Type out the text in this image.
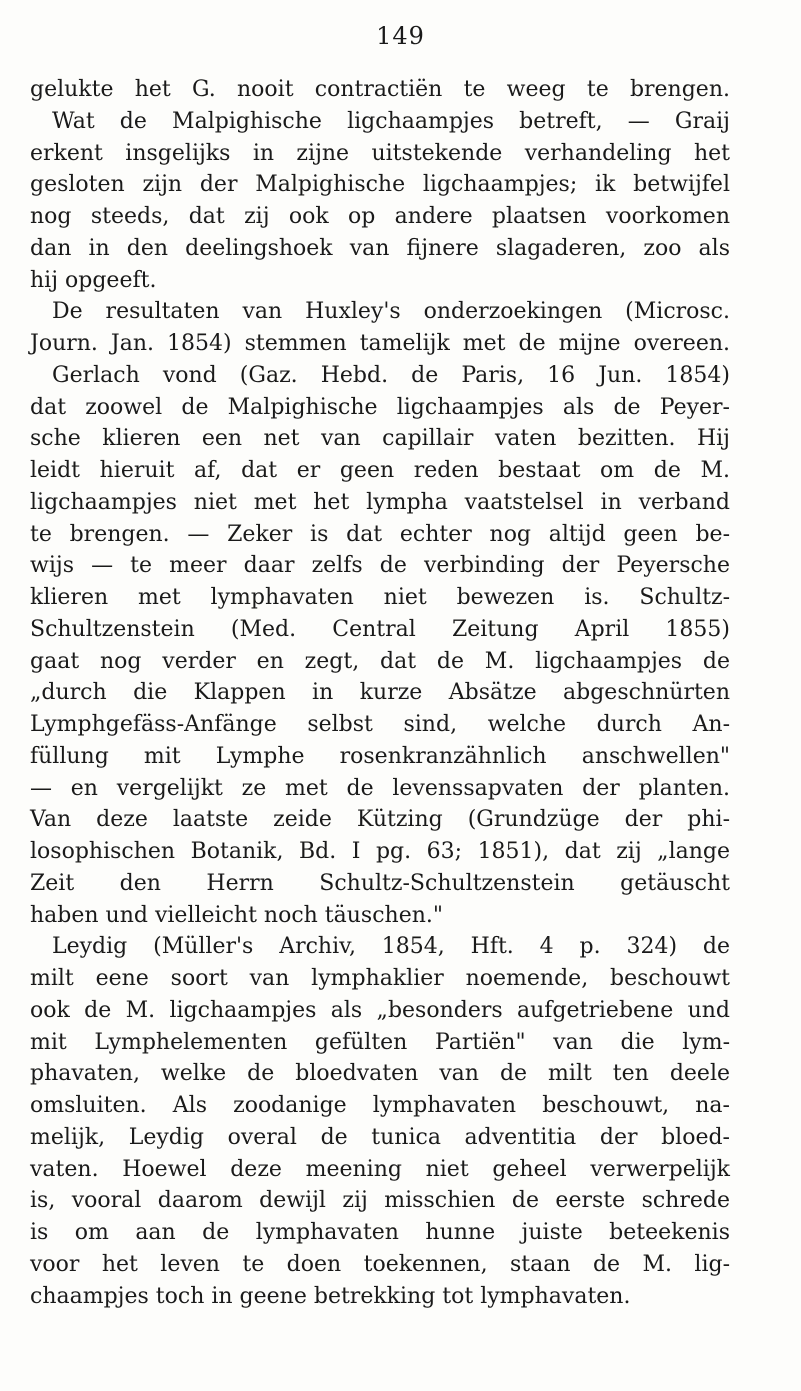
149
gelukte het G. nooit contractiën te weeg te brengen.
Wat de Malpighische ligchaampjes betreft, — Graij
erkent insgelijks in zijne uitstekende verhandeling het
gesloten zijn der Malpighische ligchaampjes; ik betwijfel
nog steeds, dat zij ook op andere plaatsen voorkomen
dan in den deelingshoek van fijnere slagaderen, zoo als
hij opgeeft.
De resultaten van Huxley's onderzoekingen (Microsc.
Journ. Jan. 1854) stemmen tamelijk met de mijne overeen.
Gerlach vond (Gaz. Hebd. de Paris, 16 Jun. 1854)
dat zoowel de Malpighische ligchaampjes als de Peyer-
sche klieren een net van capillair vaten bezitten. Hij
leidt hieruit af, dat er geen reden bestaat om de M.
ligchaampjes niet met het lympha vaatstelsel in verband
te brengen. — Zeker is dat echter nog altijd geen be-
wijs — te meer daar zelfs de verbinding der Peyersche
klieren met lymphavaten niet bewezen is. Schultz-
Schultzenstein (Med. Central Zeitung April 1855)
gaat nog verder en zegt, dat de M. ligchaampjes de
„durch die Klappen in kurze Absätze abgeschnürten
Lymphgefäss-Anfänge selbst sind, welche durch An-
füllung mit Lymphe rosenkranzähnlich anschwellen"
— en vergelijkt ze met de levenssapvaten der planten.
Van deze laatste zeide Kützing (Grundzüge der phi-
losophischen Botanik, Bd. I pg. 63; 1851), dat zij „lange
Zeit den Herrn Schultz-Schultzenstein getäuscht
haben und vielleicht noch täuschen."
Leydig (Müller's Archiv, 1854, Hft. 4 p. 324) de
milt eene soort van lymphaklier noemende, beschouwt
ook de M. ligchaampjes als „besonders aufgetriebene und
mit Lymphelementen gefülten Partiën" van die lym-
phavaten, welke de bloedvaten van de milt ten deele
omsluiten. Als zoodanige lymphavaten beschouwt, na-
melijk, Leydig overal de tunica adventitia der bloed-
vaten. Hoewel deze meening niet geheel verwerpelijk
is, vooral daarom dewijl zij misschien de eerste schrede
is om aan de lymphavaten hunne juiste beteekenis
voor het leven te doen toekennen, staan de M. lig-
chaampjes toch in geene betrekking tot lymphavaten.
